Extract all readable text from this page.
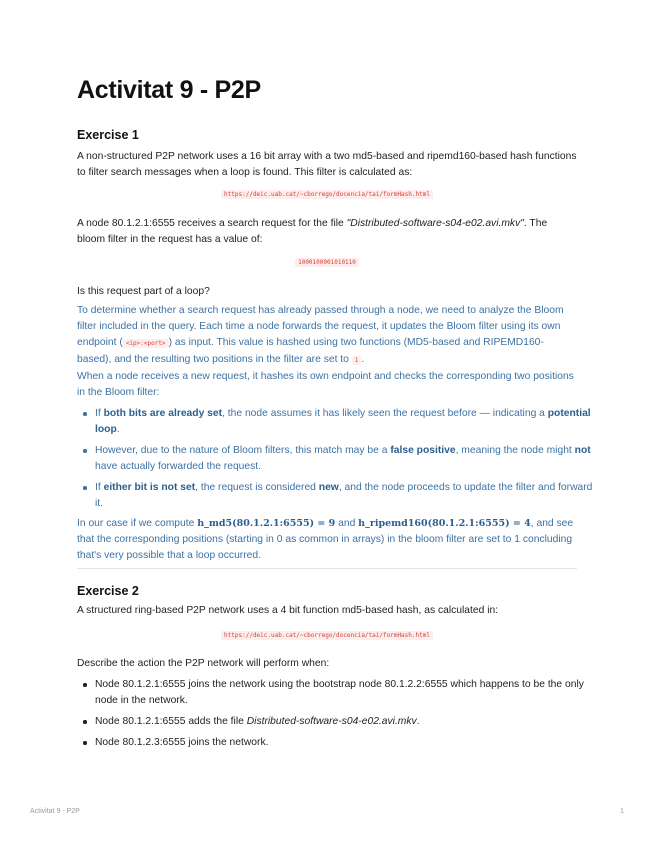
Activitat 9 - P2P
Exercise 1

A non-structured P2P network uses a 16 bit array with a two md5-based and ripemd160-based hash functions to filter search messages when a loop is found. This filter is calculated as:

https://deic.uab.cat/~cborrego/docencia/tai/formHash.html

A node 80.1.2.1:6555 receives a search request for the file "Distributed-software-s04-e02.avi.mkv". The bloom filter in the request has a value of:

1000100001010110

Is this request part of a loop?

To determine whether a search request has already passed through a node, we need to analyze the Bloom filter included in the query. Each time a node forwards the request, it updates the Bloom filter using its own endpoint ( <ip>:<port> ) as input. This value is hashed using two functions (MD5-based and RIPEMD160-based), and the resulting two positions in the filter are set to 1 .

When a node receives a new request, it hashes its own endpoint and checks the corresponding two positions in the Bloom filter:

If both bits are already set, the node assumes it has likely seen the request before — indicating a potential loop.
However, due to the nature of Bloom filters, this match may be a false positive, meaning the node might not have actually forwarded the request.
If either bit is not set, the request is considered new, and the node proceeds to update the filter and forward it.

In our case if we compute h_md5(80.1.2.1:6555) = 9 and h_ripemd160(80.1.2.1:6555) = 4, and see that the corresponding positions (starting in 0 as common in arrays) in the bloom filter are set to 1 concluding that's very possible that a loop occurred.

Exercise 2

A structured ring-based P2P network uses a 4 bit function md5-based hash, as calculated in:

https://deic.uab.cat/~cborrego/docencia/tai/formHash.html

Describe the action the P2P network will perform when:

Node 80.1.2.1:6555 joins the network using the bootstrap node 80.1.2.2:6555 which happens to be the only node in the network.
Node 80.1.2.1:6555 adds the file Distributed-software-s04-e02.avi.mkv.
Node 80.1.2.3:6555 joins the network.
Activitat 9 - P2P	1
